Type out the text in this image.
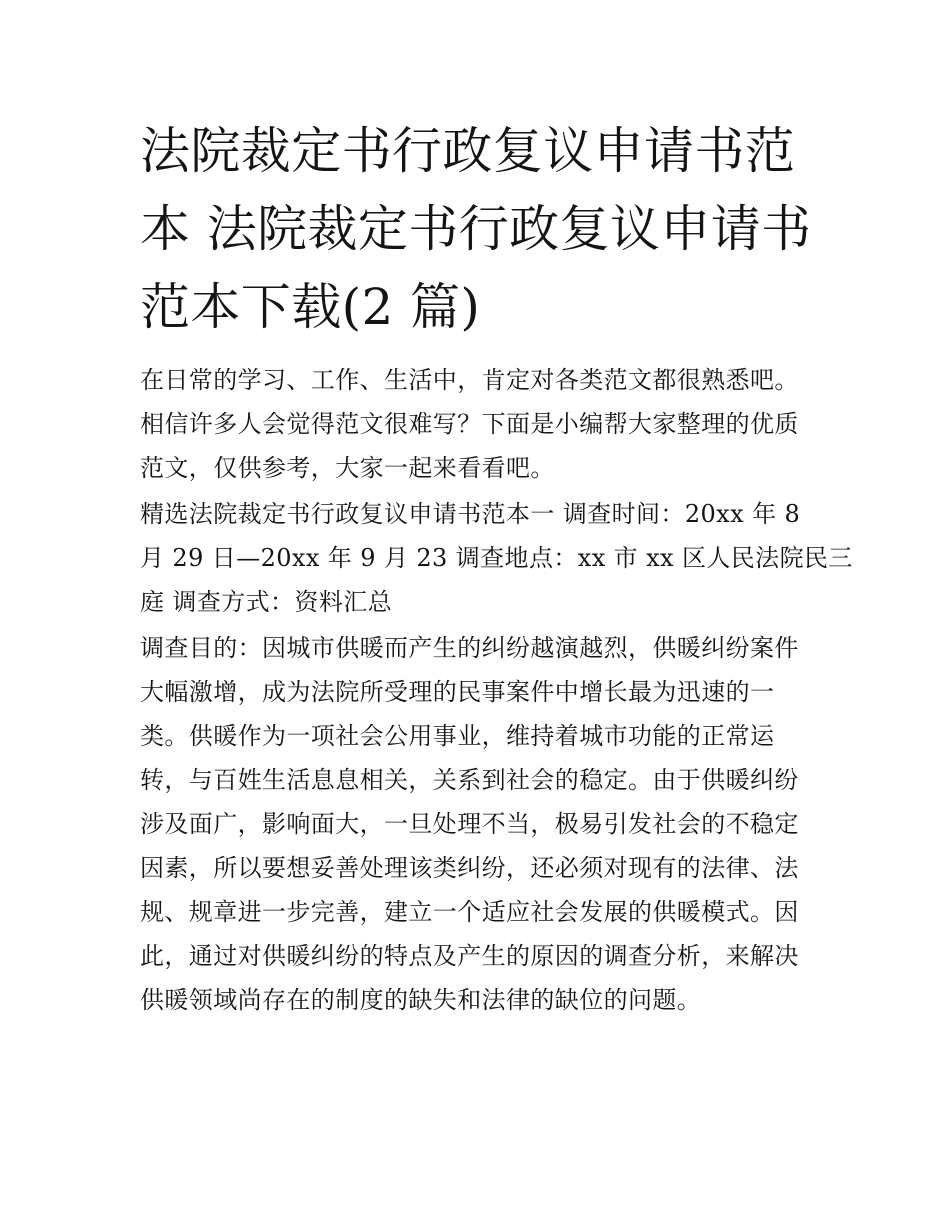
法院裁定书行政复议申请书范
本 法院裁定书行政复议申请书
范本下载(2 篇)

在日常的学习、工作、生活中，肯定对各类范文都很熟悉吧。
相信许多人会觉得范文很难写？下面是小编帮大家整理的优质
范文，仅供参考，大家一起来看看吧。

精选法院裁定书行政复议申请书范本一 调查时间：20xx 年 8
月 29 日—20xx 年 9 月 23 调查地点：xx 市 xx 区人民法院民三
庭 调查方式：资料汇总

调查目的：因城市供暖而产生的纠纷越演越烈，供暖纠纷案件
大幅激增，成为法院所受理的民事案件中增长最为迅速的一
类。供暖作为一项社会公用事业，维持着城市功能的正常运
转，与百姓生活息息相关，关系到社会的稳定。由于供暖纠纷
涉及面广，影响面大，一旦处理不当，极易引发社会的不稳定
因素，所以要想妥善处理该类纠纷，还必须对现有的法律、法
规、规章进一步完善，建立一个适应社会发展的供暖模式。因
此，通过对供暖纠纷的特点及产生的原因的调查分析，来解决
供暖领域尚存在的制度的缺失和法律的缺位的问题。
